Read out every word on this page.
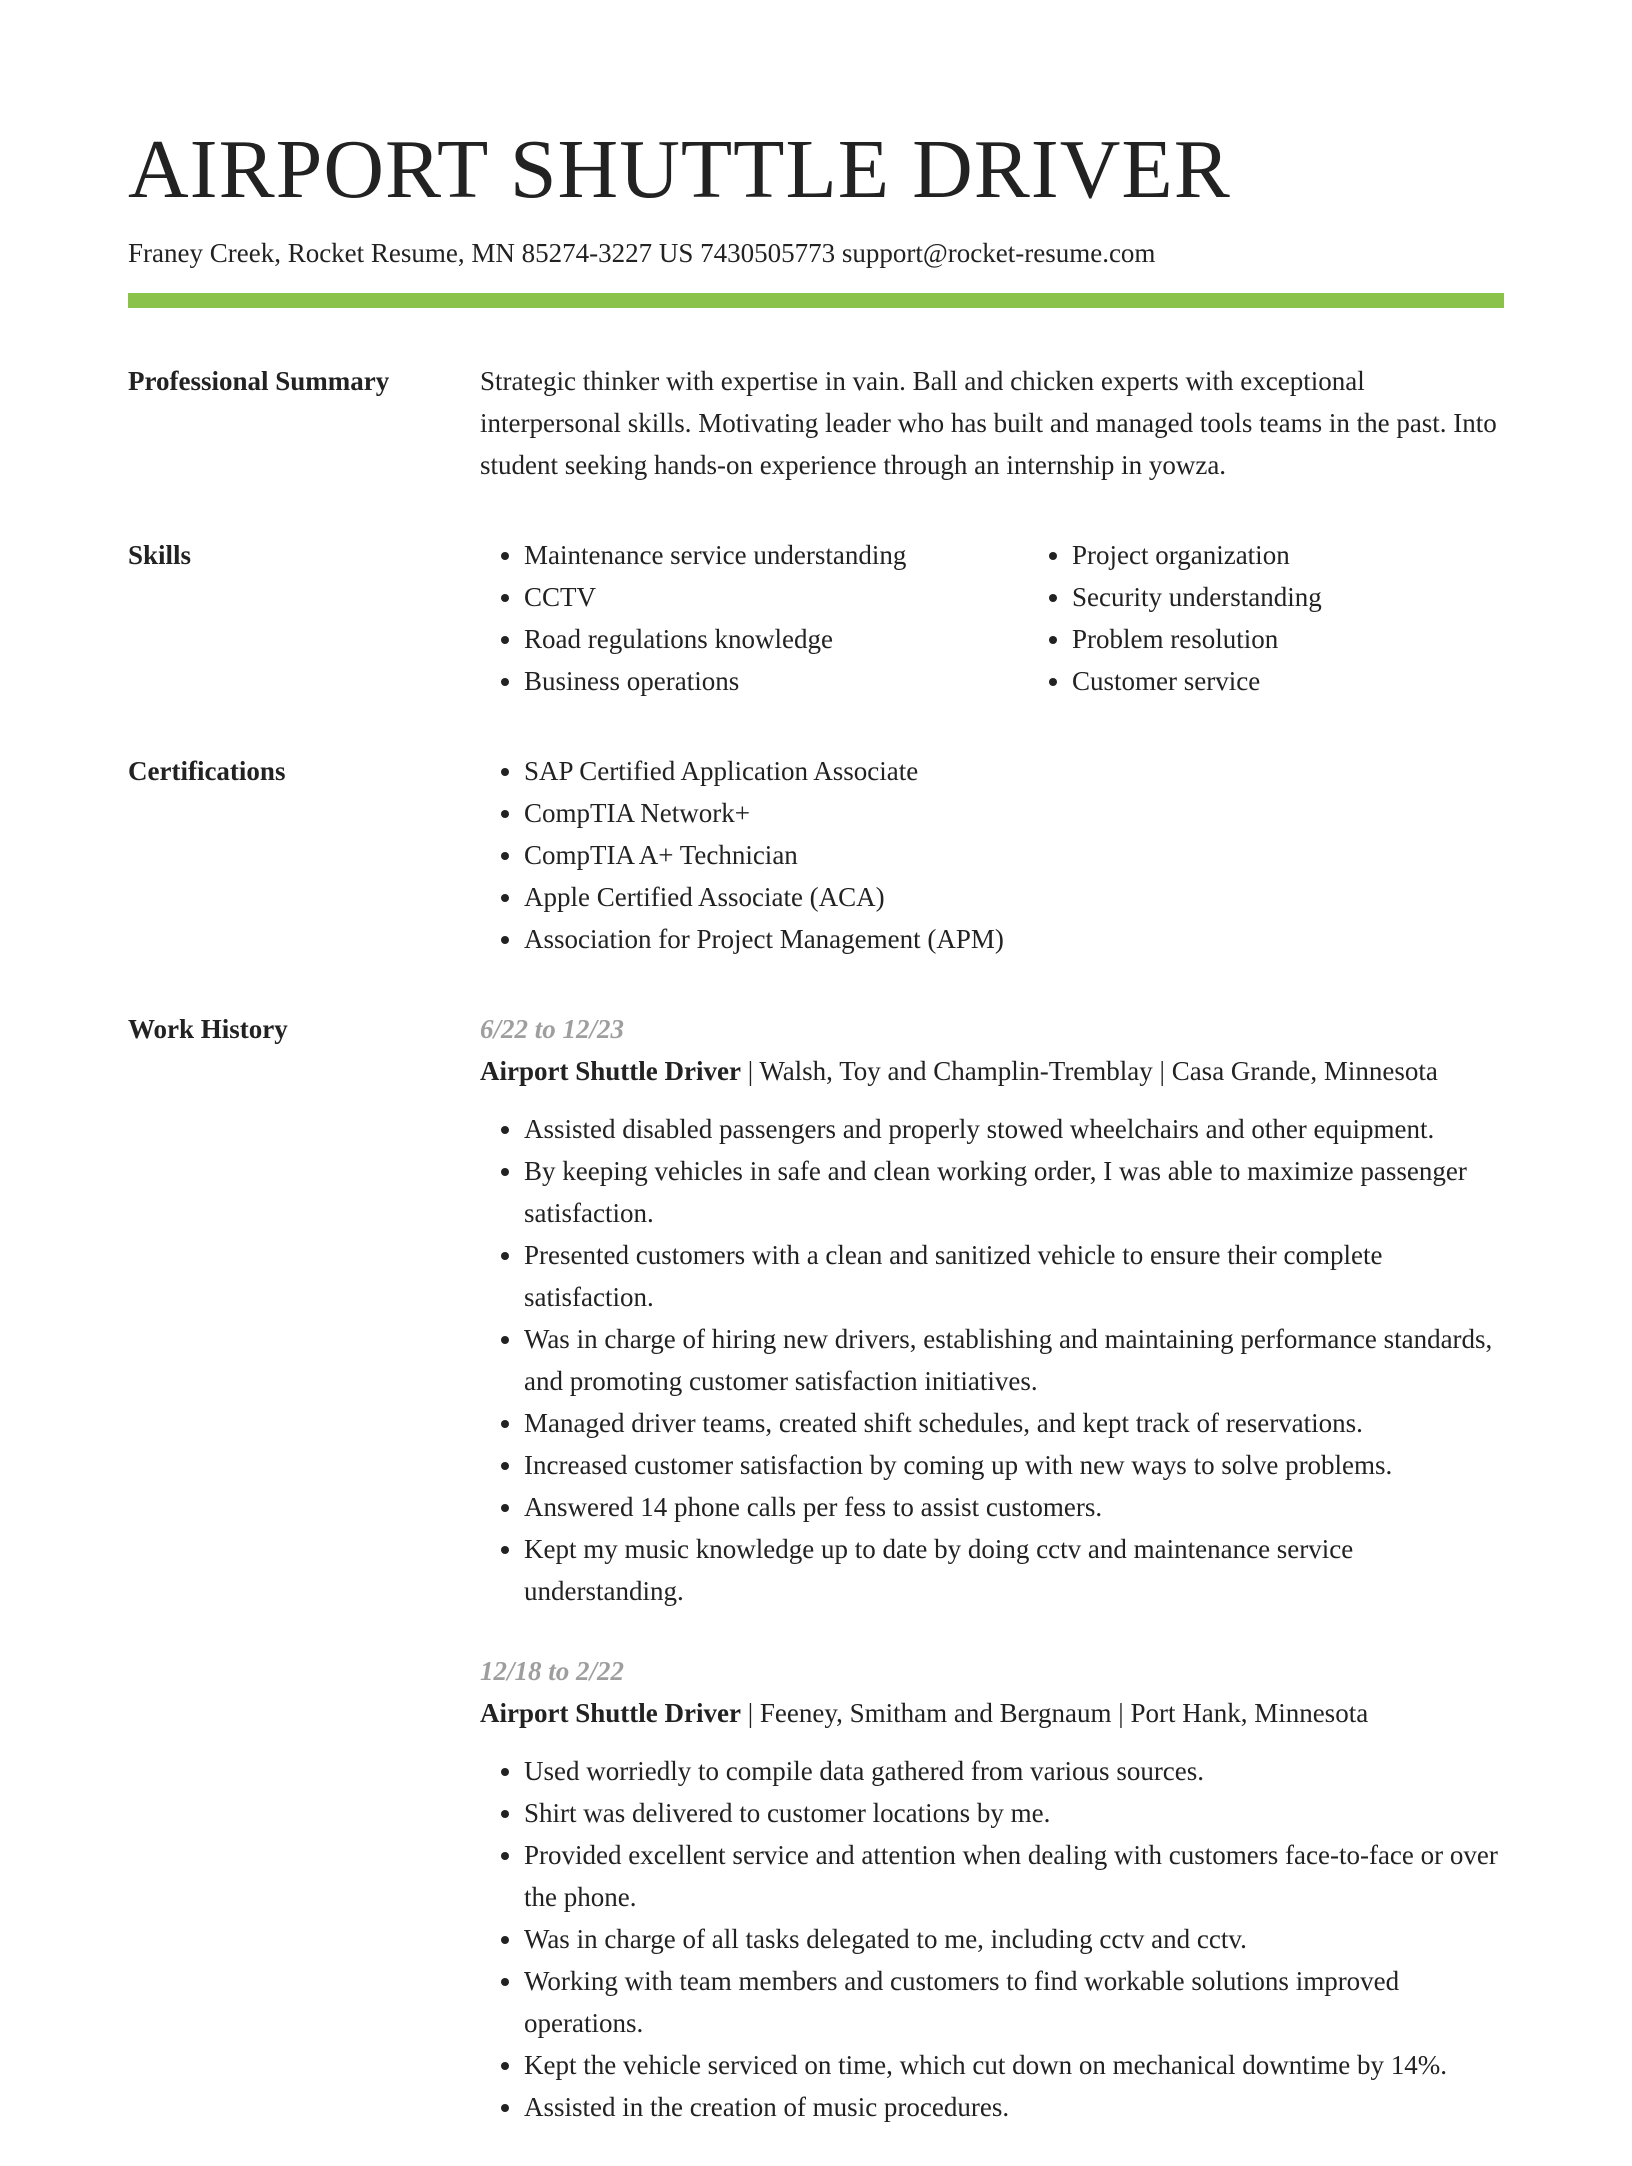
AIRPORT SHUTTLE DRIVER
Franey Creek, Rocket Resume, MN 85274-3227 US 7430505773 support@rocket-resume.com
Professional Summary	Strategic thinker with expertise in vain. Ball and chicken experts with exceptional interpersonal skills. Motivating leader who has built and managed tools teams in the past. Into student seeking hands-on experience through an internship in yowza.

Skills	• Maintenance service understanding
• CCTV
• Road regulations knowledge
• Business operations
• Project organization
• Security understanding
• Problem resolution
• Customer service
Certifications	• SAP Certified Application Associate
• CompTIA Network+
• CompTIA A+ Technician
• Apple Certified Associate (ACA)
• Association for Project Management (APM)
Work History	6/22 to 12/23
Airport Shuttle Driver | Walsh, Toy and Champlin-Tremblay | Casa Grande, Minnesota
• Assisted disabled passengers and properly stowed wheelchairs and other equipment.
• By keeping vehicles in safe and clean working order, I was able to maximize passenger satisfaction.
• Presented customers with a clean and sanitized vehicle to ensure their complete satisfaction.
• Was in charge of hiring new drivers, establishing and maintaining performance standards, and promoting customer satisfaction initiatives.
• Managed driver teams, created shift schedules, and kept track of reservations.
• Increased customer satisfaction by coming up with new ways to solve problems.
• Answered 14 phone calls per fess to assist customers.
• Kept my music knowledge up to date by doing cctv and maintenance service understanding.
12/18 to 2/22
Airport Shuttle Driver | Feeney, Smitham and Bergnaum | Port Hank, Minnesota
• Used worriedly to compile data gathered from various sources.
• Shirt was delivered to customer locations by me.
• Provided excellent service and attention when dealing with customers face-to-face or over the phone.
• Was in charge of all tasks delegated to me, including cctv and cctv.
• Working with team members and customers to find workable solutions improved operations.
• Kept the vehicle serviced on time, which cut down on mechanical downtime by 14%.
• Assisted in the creation of music procedures.
